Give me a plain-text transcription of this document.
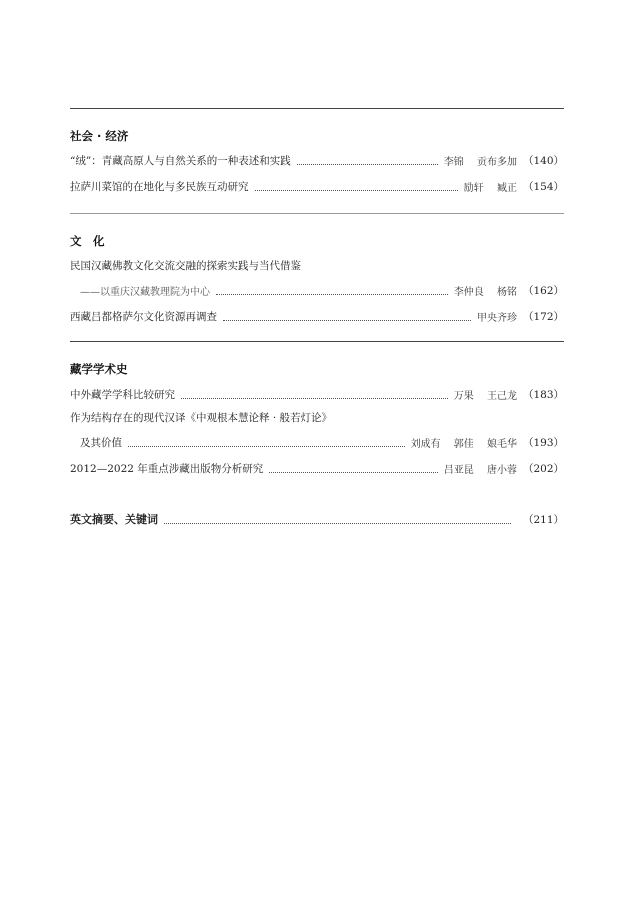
社会 · 经济
“绒”：青藏高原人与自然关系的一种表述和实践	李锦 贡布多加 （140）
拉萨川菜馆的在地化与多民族互动研究	励轩 臧正 （154）
文　化
民国汉藏佛教文化交流交融的探索实践与当代借鉴
——以重庆汉藏教理院为中心	李仲良 杨铭 （162）
西藏吕都格萨尔文化资源再调查	甲央齐珍 （172）
藏学学术史
中外藏学学科比较研究	万果 王己龙 （183）
作为结构存在的现代汉译《中观根本慧论释 · 般若灯论》
及其价值	刘成有 郭佳 娘毛华 （193）
2012—2022 年重点涉藏出版物分析研究	吕亚昆 唐小蓉 （202）
英文摘要、关键词	（211）
